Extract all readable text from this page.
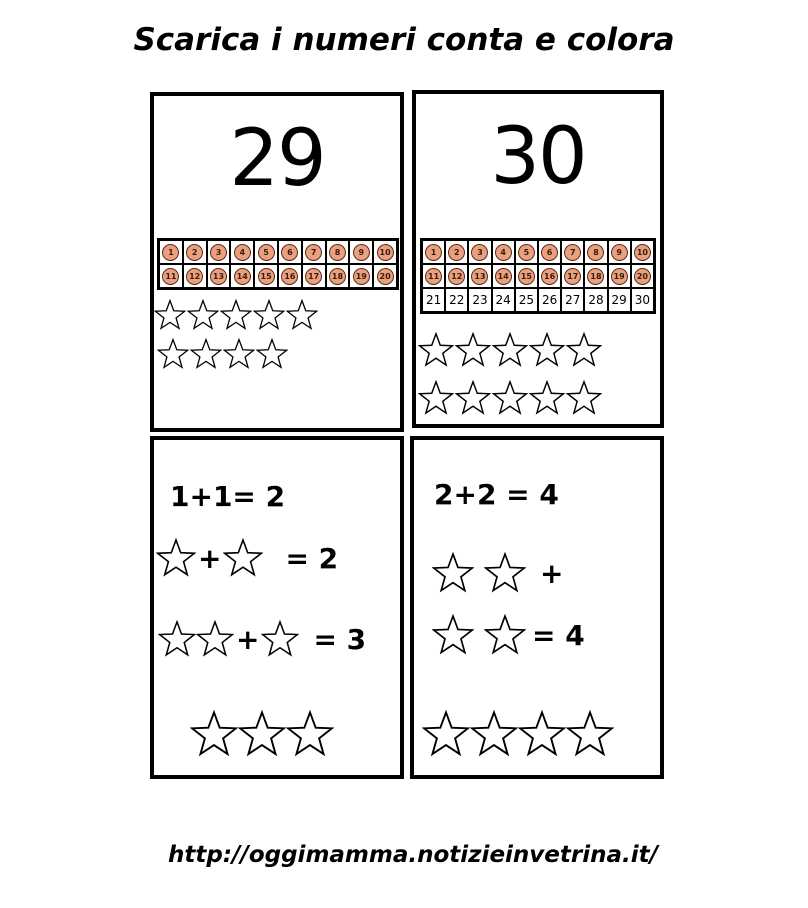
Scarica i numeri conta e colora
29
1	2	3	4	5	6	7	8	9	10
11	12	13	14	15	16	17	18	19	20
30
1	2	3	4	5	6	7	8	9	10
11	12	13	14	15	16	17	18	19	20
21 22 23 24 25 26 27 28 29 30
1+1= 2
+ = 2
+ = 3
2+2 = 4
+
= 4
http://oggimamma.notizieinvetrina.it/
